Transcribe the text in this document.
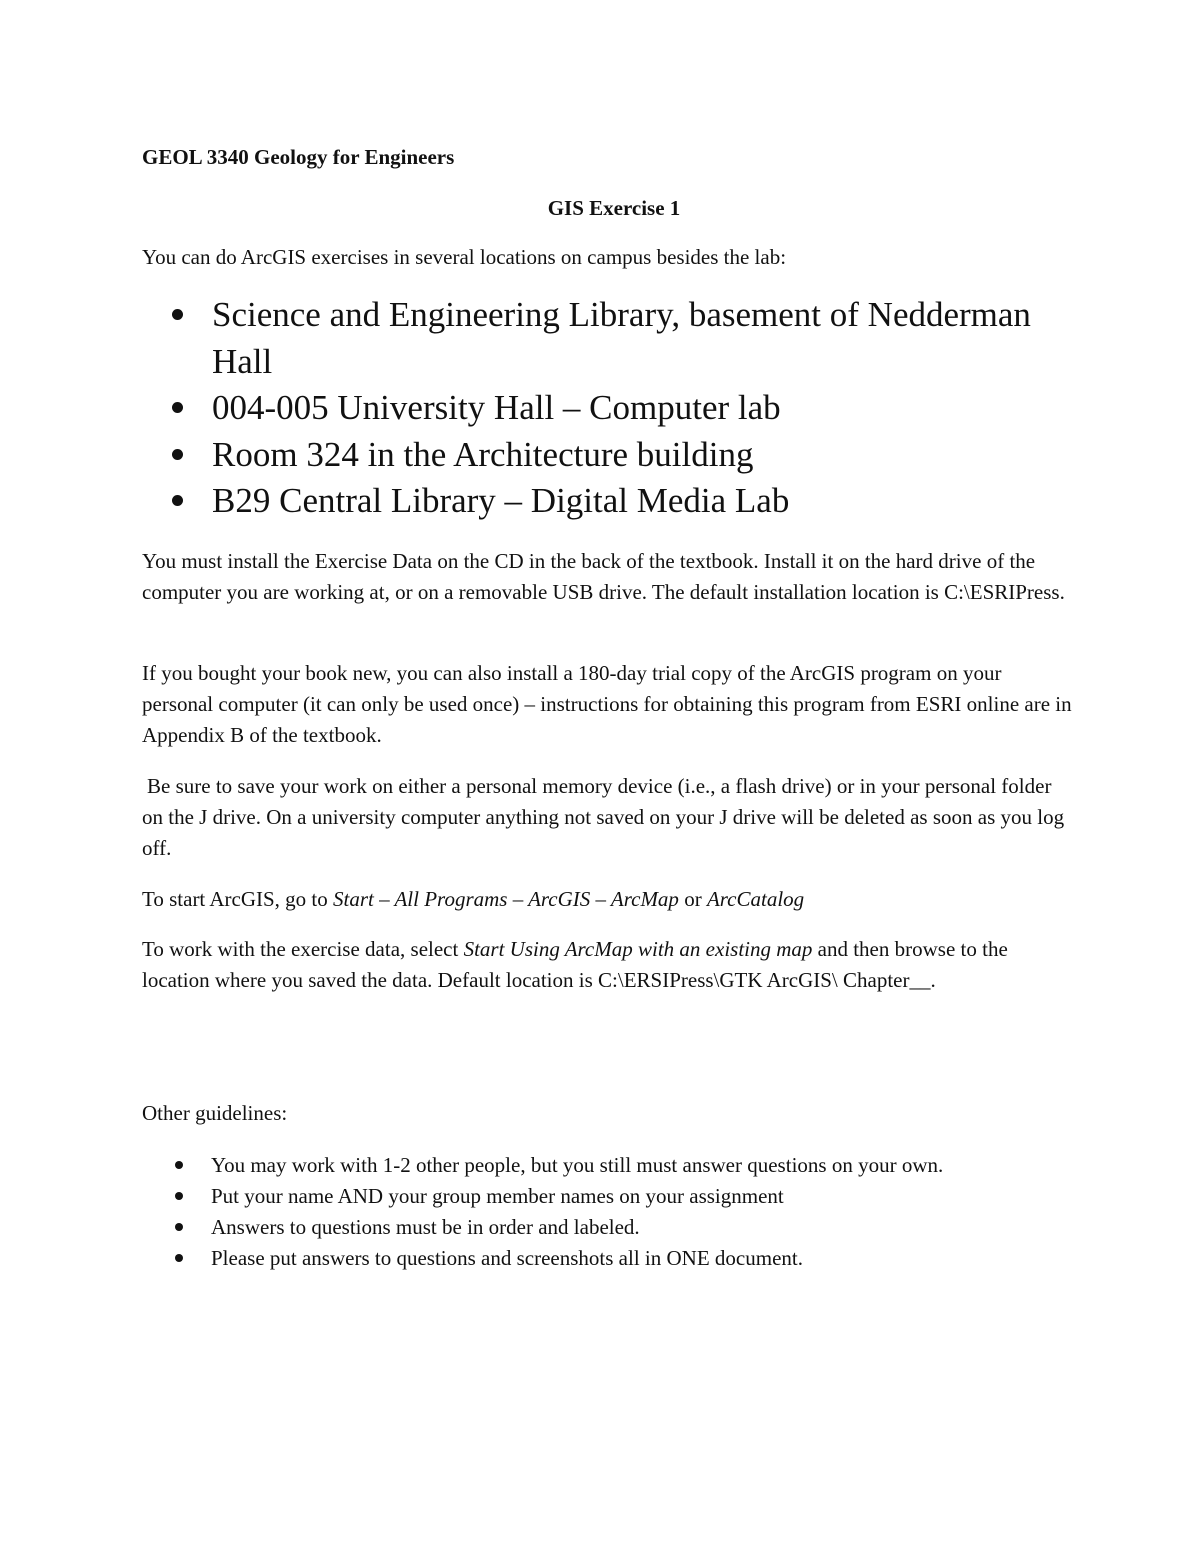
GEOL 3340 Geology for Engineers
GIS Exercise 1

You can do ArcGIS exercises in several locations on campus besides the lab:

Science and Engineering Library, basement of Nedderman Hall
004-005 University Hall – Computer lab
Room 324 in the Architecture building
B29 Central Library – Digital Media Lab

You must install the Exercise Data on the CD in the back of the textbook. Install it on the hard drive of the computer you are working at, or on a removable USB drive. The default installation location is C:\ESRIPress.

If you bought your book new, you can also install a 180-day trial copy of the ArcGIS program on your personal computer (it can only be used once) – instructions for obtaining this program from ESRI online are in Appendix B of the textbook.

Be sure to save your work on either a personal memory device (i.e., a flash drive) or in your personal folder on the J drive. On a university computer anything not saved on your J drive will be deleted as soon as you log off.

To start ArcGIS, go to Start – All Programs – ArcGIS – ArcMap or ArcCatalog

To work with the exercise data, select Start Using ArcMap with an existing map and then browse to the location where you saved the data. Default location is C:\ERSIPress\GTK ArcGIS\ Chapter__.

Other guidelines:

You may work with 1-2 other people, but you still must answer questions on your own.
Put your name AND your group member names on your assignment
Answers to questions must be in order and labeled.
Please put answers to questions and screenshots all in ONE document.
